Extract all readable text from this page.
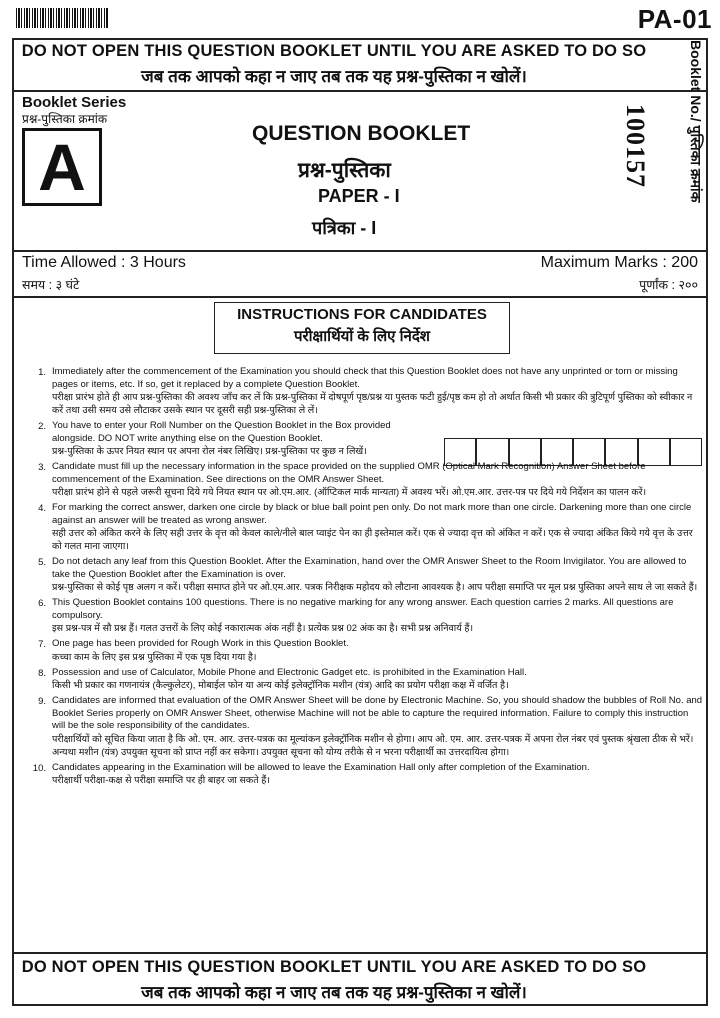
PA-01
DO NOT OPEN THIS QUESTION BOOKLET UNTIL YOU ARE ASKED TO DO SO
जब तक आपको कहा न जाए तब तक यह प्रश्न-पुस्तिका न खोलें।	Booklet No./ पुस्तिका क्रमांक
100157
Booklet Series
प्रश्न-पुस्तिका क्रमांक
A	QUESTION BOOKLET
प्रश्न-पुस्तिका
PAPER - I
पत्रिका - I
Time Allowed : 3 Hours
समय : ३ घंटे
Maximum Marks : 200
पूर्णांक : २००
INSTRUCTIONS FOR CANDIDATES
परीक्षार्थियों के लिए निर्देश
1. Immediately after the commencement of the Examination you should check that this Question Booklet does not have any unprinted or torn or missing pages or items, etc. If so, get it replaced by a complete Question Booklet.
परीक्षा प्रारंभ होते ही आप प्रश्न-पुस्तिका की अवश्य जाँच कर लें कि प्रश्न-पुस्तिका में दोषपूर्ण पृष्ठ/प्रश्न या पुस्तक फटी हुई/पृष्ठ कम हो तो अर्थात किसी भी प्रकार की त्रुटिपूर्ण पुस्तिका को स्वीकार न करें तथा उसी समय उसे लौटाकर उसके स्थान पर दूसरी सही प्रश्न-पुस्तिका ले लें।
2. You have to enter your Roll Number on the Question Booklet in the Box provided alongside. DO NOT write anything else on the Question Booklet.
प्रश्न-पुस्तिका के ऊपर नियत स्थान पर अपना रोल नंबर लिखिए। प्रश्न-पुस्तिका पर कुछ न लिखें।
3. Candidate must fill up the necessary information in the space provided on the supplied OMR (Optical Mark Recognition) Answer Sheet before commencement of the Examination. See directions on the OMR Answer Sheet.
परीक्षा प्रारंभ होने से पहले जरूरी सूचना दिये गये नियत स्थान पर ओ.एम.आर. (ऑप्टिकल मार्क मान्यता) में अवश्य भरें। ओ.एम.आर. उत्तर-पत्र पर दिये गये निर्देशन का पालन करें।
4. For marking the correct answer, darken one circle by black or blue ball point pen only. Do not mark more than one circle. Darkening more than one circle against an answer will be treated as wrong answer.
सही उत्तर को अंकित करने के लिए सही उत्तर के वृत्त को केवल काले/नीले बाल प्वाइंट पेन का ही इस्तेमाल करें। एक से ज्यादा वृत्त को अंकित न करें। एक से ज्यादा अंकित किये गये वृत्त के उत्तर को गलत माना जाएगा।
5. Do not detach any leaf from this Question Booklet. After the Examination, hand over the OMR Answer Sheet to the Room Invigilator. You are allowed to take the Question Booklet after the Examination is over.
प्रश्न-पुस्तिका से कोई पृष्ठ अलग न करें। परीक्षा समाप्त होने पर ओ.एम.आर. पत्रक निरीक्षक महोदय को लौटाना आवश्यक है। आप परीक्षा समाप्ति पर मूल प्रश्न पुस्तिका अपने साथ ले जा सकते हैं।
6. This Question Booklet contains 100 questions. There is no negative marking for any wrong answer. Each question carries 2 marks. All questions are compulsory.
इस प्रश्न-पत्र में सौ प्रश्न हैं। गलत उत्तरों के लिए कोई नकारात्मक अंक नहीं है। प्रत्येक प्रश्न 02 अंक का है। सभी प्रश्न अनिवार्य हैं।
7. One page has been provided for Rough Work in this Question Booklet.
कच्चा काम के लिए इस प्रश्न पुस्तिका में एक पृष्ठ दिया गया है।
8. Possession and use of Calculator, Mobile Phone and Electronic Gadget etc. is prohibited in the Examination Hall.
किसी भी प्रकार का गणनायंत्र (कैल्कुलेटर), मोबाईल फोन या अन्य कोई इलेक्ट्रॉनिक मशीन (यंत्र) आदि का प्रयोग परीक्षा कक्ष में वर्जित है।
9. Candidates are informed that evaluation of the OMR Answer Sheet will be done by Electronic Machine. So, you should shadow the bubbles of Roll No. and Booklet Series properly on OMR Answer Sheet, otherwise Machine will not be able to capture the required information. Failure to comply this instruction will be the sole responsibility of the candidates.
परीक्षार्थियों को सूचित किया जाता है कि ओ. एम. आर. उत्तर-पत्रक का मूल्यांकन इलेक्ट्रॉनिक मशीन से होगा। आप ओ. एम. आर. उत्तर-पत्रक में अपना रोल नंबर एवं पुस्तक श्रृंखला ठीक से भरें। अन्यथा मशीन (यंत्र) उपयुक्त सूचना को प्राप्त नहीं कर सकेगा। उपयुक्त सूचना को योग्य तरीके से न भरना परीक्षार्थी का उत्तरदायित्व होगा।
10. Candidates appearing in the Examination will be allowed to leave the Examination Hall only after completion of the Examination.
परीक्षार्थी परीक्षा-कक्ष से परीक्षा समाप्ति पर ही बाहर जा सकते हैं।
DO NOT OPEN THIS QUESTION BOOKLET UNTIL YOU ARE ASKED TO DO SO
जब तक आपको कहा न जाए तब तक यह प्रश्न-पुस्तिका न खोलें।
